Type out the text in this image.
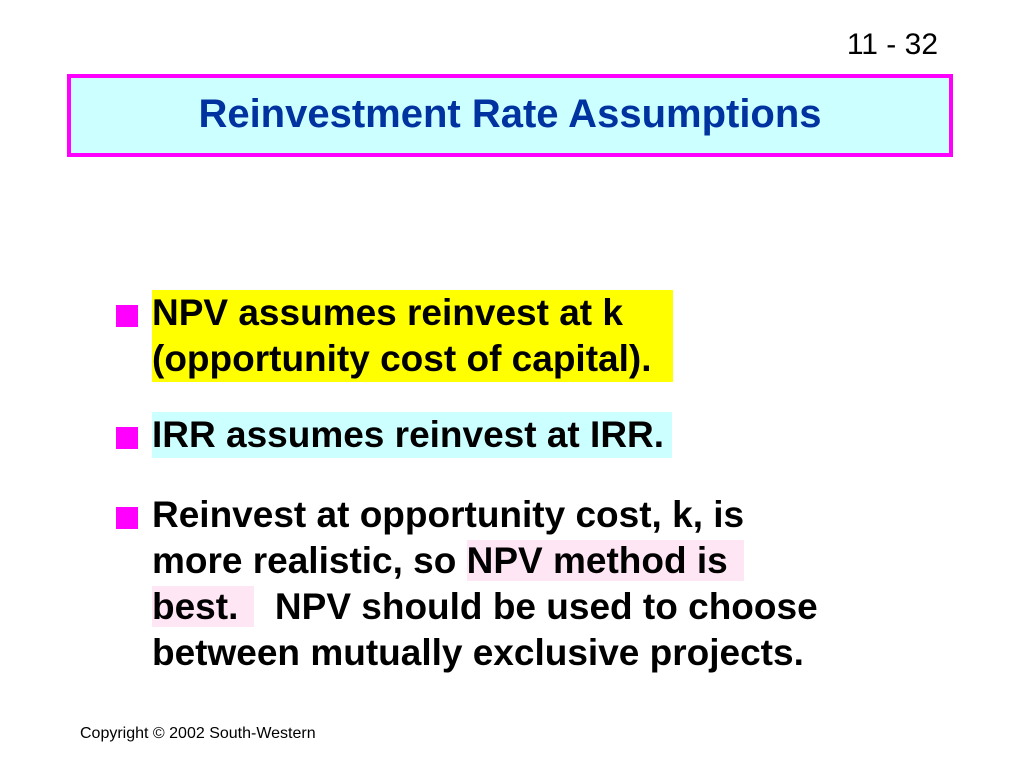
11 - 32
Reinvestment Rate Assumptions
NPV assumes reinvest at k
(opportunity cost of capital).
IRR assumes reinvest at IRR.
Reinvest at opportunity cost, k, is
more realistic, so NPV method is
best.  NPV should be used to choose
between mutually exclusive projects.
Copyright © 2002 South-Western
